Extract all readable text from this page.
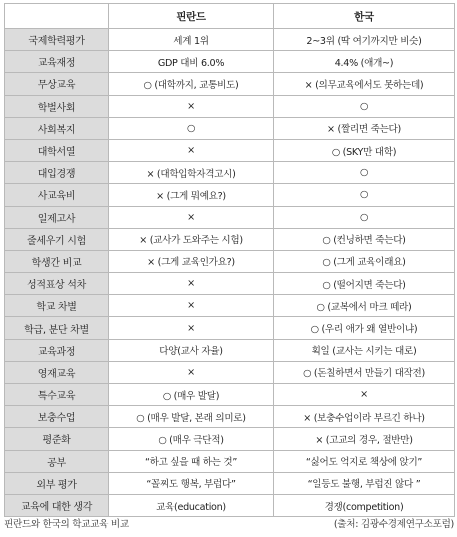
	핀란드	한국
국제학력평가	세계 1위	2~3위 (딱 여기까지만 비슷)
교육재정	GDP 대비 6.0%	4.4% (애개~)
무상교육	○ (대학까지, 교통비도)	× (의무교육에서도 못하는데)
학벌사회	×	○
사회복지	○	× (짤리면 죽는다)
대학서열	×	○ (SKY만 대학)
대입경쟁	× (대학입학자격고시)	○
사교육비	× (그게 뭐예요?)	○
일제고사	×	○
줄세우기 시험	× (교사가 도와주는 시험)	○ (컨닝하면 죽는다)
학생간 비교	× (그게 교육인가요?)	○ (그게 교육이래요)
성적표상 석차	×	○ (떨어지면 죽는다)
학교 차별	×	○ (교복에서 마크 떼라)
학급, 분단 차별	×	○ (우리 애가 왜 열반이냐)
교육과정	다양(교사 자율)	획일 (교사는 시키는 대로)
영재교육	×	○ (돈칠하면서 만들기 대작전)
특수교육	○ (매우 발달)	×
보충수업	○ (매우 발달, 본래 의미로)	× (보충수업이라 부르긴 하나)
평준화	○ (매우 극단적)	× (고교의 경우, 절반만)
공부	“하고 싶을 때 하는 것”	“싫어도 억지로 책상에 앉기”
외부 평가	“꼴찌도 행복, 부럽다”	“일등도 불행, 부럽진 않다 ”
교육에 대한 생각	교육(education)	경쟁(competition)
핀란드와 한국의 학교교육 비교	(출처: 김광수경제연구소포럼)
